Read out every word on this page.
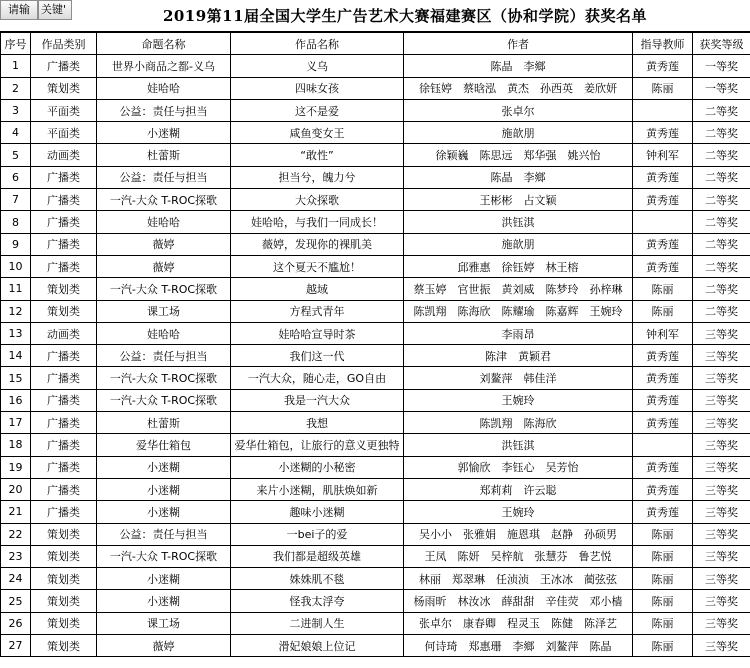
请输	关键'	2019第11届全国大学生广告艺术大赛福建赛区（协和学院）获奖名单
序号	作品类别	命题名称	作品名称	作者	指导教师	获奖等级
1	广播类	世界小商品之都-义乌	义乌	陈晶　李鄉	黄秀莲	一等奖
2	策划类	娃哈哈	四味女孩	徐钰婷　蔡晗泓　黄杰　孙西英　姜欣妍	陈丽	一等奖
3	平面类	公益：责任与担当	这不是爱	张卓尔		二等奖
4	平面类	小迷糊	咸鱼变女王	施歆朋	黄秀莲	二等奖
5	动画类	杜蕾斯	“敢性”	徐颖巍　陈思远　郑华强　姚兴怡	钟利军	二等奖
6	广播类	公益：责任与担当	担当兮，魄力兮	陈晶　李鄉	黄秀莲	二等奖
7	广播类	一汽-大众 T-ROC探歌	大众探歌	王彬彬　占文颖	黄秀莲	二等奖
8	广播类	娃哈哈	娃哈哈，与我们一同成长！	洪钰淇		二等奖
9	广播类	薇婷	薇婷，发现你的裸肌美	施歆朋	黄秀莲	二等奖
10	广播类	薇婷	这个夏天不尴尬！	邱雅惠　徐钰婷　林王榕	黄秀莲	二等奖
11	策划类	一汽-大众 T-ROC探歌	越域	蔡玉婷　官世振　黄刘威　陈梦玲　孙梓琳	陈丽	二等奖
12	策划类	课工场	方程式青年	陈凯翔　陈海欣　陈耀瑜　陈嘉辉　王婉玲	陈丽	二等奖
13	动画类	娃哈哈	娃哈哈宣导时茶	李雨昂	钟利军	三等奖
14	广播类	公益：责任与担当	我们这一代	陈津　黄颖君	黄秀莲	三等奖
15	广播类	一汽-大众 T-ROC探歌	一汽大众，随心走，GO自由	刘鳌萍　韩佳洋	黄秀莲	三等奖
16	广播类	一汽-大众 T-ROC探歌	我是一汽大众	王婉玲	黄秀莲	三等奖
17	广播类	杜蕾斯	我想	陈凯翔　陈海欣	黄秀莲	三等奖
18	广播类	爱华仕箱包	爱华仕箱包，让旅行的意义更独特	洪钰淇		三等奖
19	广播类	小迷糊	小迷糊的小秘密	郭愉欣　李钰心　吴芳怡	黄秀莲	三等奖
20	广播类	小迷糊	来片小迷糊，肌肤焕如新	郑莉莉　许云聪	黄秀莲	三等奖
21	广播类	小迷糊	趣味小迷糊	王婉玲	黄秀莲	三等奖
22	策划类	公益：责任与担当	一bei子的爱	吴小小　张雅娟　施恩琪　赵静　孙硕男	陈丽	三等奖
23	策划类	一汽-大众 T-ROC探歌	我们都是超级英雄	王凤　陈妍　吴梓航　张慧芬　鲁艺悦	陈丽	三等奖
24	策划类	小迷糊	姝姝肌不毯	林丽　郑翠琳　任浈浈　王冰冰　蔺弦弦	陈丽	三等奖
25	策划类	小迷糊	怪我太浮夸	杨雨昕　林汝冰　薛甜甜　辛佳荧　邓小樯	陈丽	三等奖
26	策划类	课工场	二进制人生	张卓尔　康春卿　程灵玉　陈健　陈泽艺	陈丽	三等奖
27	策划类	薇婷	滑妃娘娘上位记	何诗琦　郑惠珊　李鄉　刘鳌萍　陈晶	陈丽	三等奖
